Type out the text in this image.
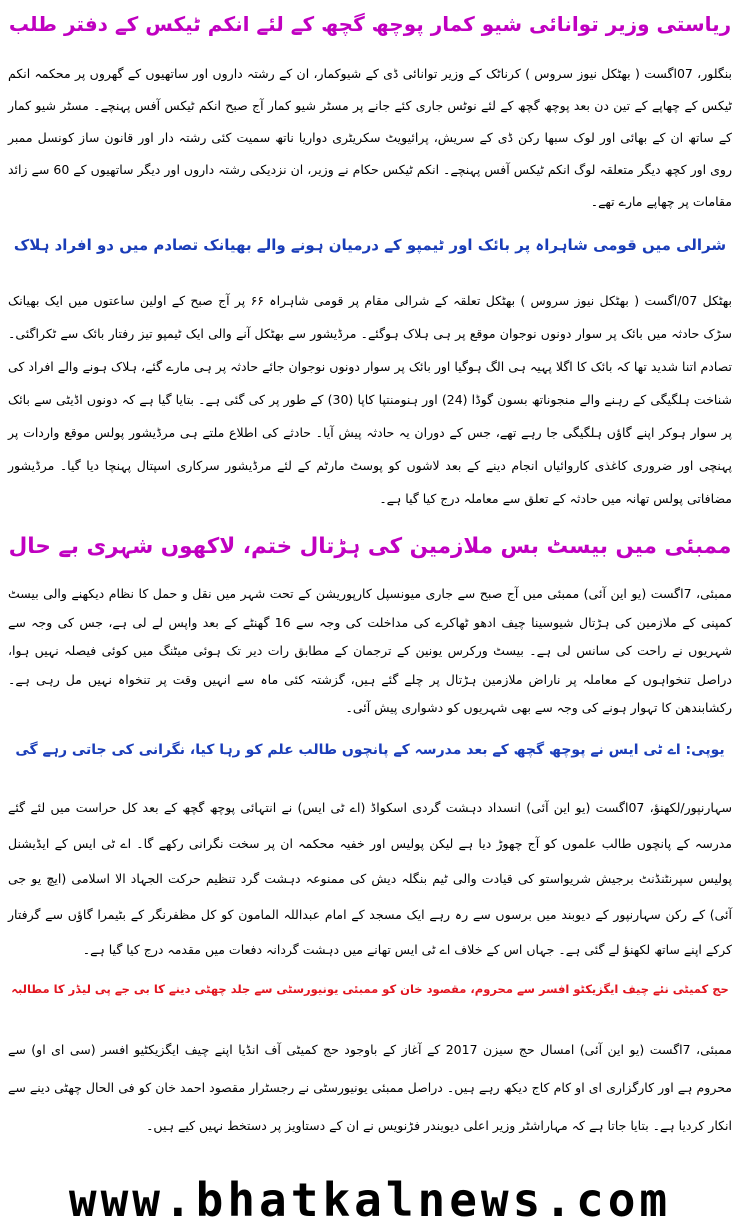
ریاستی وزیر توانائی شیو کمار پوچھ گچھ کے لئے انکم ٹیکس کے دفتر طلب

بنگلور، 07اگست ( بھٹکل نیوز سروس ) کرناٹک کے وزیر توانائی ڈی کے شیوکمار، ان کے رشتہ داروں اور ساتھیوں کے گھروں پر محکمہ انکم ٹیکس کے چھاپے کے تین دن بعد پوچھ گچھ کے لئے نوٹس جاری کئے جانے پر مسٹر شیو کمار آج صبح انکم ٹیکس آفس پہنچے۔ مسٹر شیو کمار کے ساتھ ان کے بھائی اور لوک سبھا رکن ڈی کے سریش، پرائیویٹ سکریٹری دواریا ناتھ سمیت کئی رشتہ دار اور قانون ساز کونسل ممبر روی اور کچھ دیگر متعلقہ لوگ انکم ٹیکس آفس پہنچے۔ انکم ٹیکس حکام نے وزیر، ان نزدیکی رشتہ داروں اور دیگر ساتھیوں کے 60 سے زائد مقامات پر چھاپے مارے تھے۔

شرالی میں قومی شاہراہ پر بائک اور ٹیمپو کے درمیان ہونے والے بھیانک تصادم میں دو افراد ہلاک

بھٹکل 07/اگست ( بھٹکل نیوز سروس ) بھٹکل تعلقہ کے شرالی مقام پر قومی شاہراہ ۶۶ پر آج صبح کے اولین ساعتوں میں ایک بھیانک سڑک حادثہ میں بائک پر سوار دونوں نوجوان موقع پر ہی ہلاک ہوگئے۔ مرڈیشور سے بھٹکل آنے والی ایک ٹیمپو تیز رفتار بائک سے ٹکراگئی۔ تصادم اتنا شدید تھا کہ بائک کا اگلا پہیہ ہی الگ ہوگیا اور بائک پر سوار دونوں نوجوان جائے حادثہ پر ہی مارے گئے، ہلاک ہونے والے افراد کی شناخت ہلگیگی کے رہنے والے منجوناتھ بسون گوڈا (24) اور ہنومنتپا کاپا (30) کے طور پر کی گئی ہے۔ بتایا گیا ہے کہ دونوں اڈیٹی سے بائک پر سوار ہوکر اپنے گاؤں ہلگیگی جا رہے تھے، جس کے دوران یہ حادثہ پیش آیا۔ حادثے کی اطلاع ملتے ہی مرڈیشور پولس موقع واردات پر پہنچی اور ضروری کاغذی کاروائیاں انجام دینے کے بعد لاشوں کو پوسٹ مارٹم کے لئے مرڈیشور سرکاری اسپتال پہنچا دیا گیا۔ مرڈیشور مضافاتی پولس تھانہ میں حادثہ کے تعلق سے معاملہ درج کیا گیا ہے۔

ممبئی میں بیسٹ بس ملازمین کی ہڑتال ختم، لاکھوں شہری بے حال

ممبئی، 7اگست (یو این آئی) ممبئی میں آج صبح سے جاری میونسپل کارپوریشن کے تحت شہر میں نقل و حمل کا نظام دیکھنے والی بیسٹ کمپنی کے ملازمین کی ہڑتال شیوسینا چیف ادھو ٹھاکرے کی مداخلت کی وجہ سے 16 گھنٹے کے بعد واپس لے لی ہے، جس کی وجہ سے شہریوں نے راحت کی سانس لی ہے۔ بیسٹ ورکرس یونین کے ترجمان کے مطابق رات دیر تک ہوئی میٹنگ میں کوئی فیصلہ نہیں ہوا، دراصل تنخواہوں کے معاملہ پر ناراض ملازمین ہڑتال پر چلے گئے ہیں، گزشتہ کئی ماہ سے انہیں وقت پر تنخواہ نہیں مل رہی ہے۔ رکشابندھن کا تہوار ہونے کی وجہ سے بھی شہریوں کو دشواری پیش آئی۔

یوپی: اے ٹی ایس نے پوچھ گچھ کے بعد مدرسہ کے پانچوں طالب علم کو رہا کیا، نگرانی کی جاتی رہے گی

سہارنپور/لکھنؤ، 07اگست (یو این آئی) انسداد دہشت گردی اسکواڈ (اے ٹی ایس) نے انتہائی پوچھ گچھ کے بعد کل حراست میں لئے گئے مدرسہ کے پانچوں طالب علموں کو آج چھوڑ دیا ہے لیکن پولیس اور خفیہ محکمہ ان پر سخت نگرانی رکھے گا۔ اے ٹی ایس کے ایڈیشنل پولیس سپرنٹنڈنٹ برجیش شریواستو کی قیادت والی ٹیم بنگلہ دیش کی ممنوعہ دہشت گرد تنظیم حرکت الجہاد الا اسلامی (ایچ یو جی آئی) کے رکن سہارنپور کے دیوبند میں برسوں سے رہ رہے ایک مسجد کے امام عبداللہ المامون کو کل مظفرنگر کے بٹیمرا گاؤں سے گرفتار کرکے اپنے ساتھ لکھنؤ لے گئی ہے۔ جہاں اس کے خلاف اے ٹی ایس تھانے میں دہشت گردانہ دفعات میں مقدمہ درج کیا گیا ہے۔

حج کمیٹی نئے چیف ایگزیکٹو افسر سے محروم، مقصود خان کو ممبئی یونیورسٹی سے جلد چھٹی دینے کا بی جے پی لیڈر کا مطالبہ

ممبئی، 7اگست (یو این آئی) امسال حج سیزن 2017 کے آغاز کے باوجود حج کمیٹی آف انڈیا اپنے چیف ایگزیکٹیو افسر (سی ای او) سے محروم ہے اور کارگزاری ای او کام کاج دیکھ رہے ہیں۔ دراصل ممبئی یونیورسٹی نے رجسٹرار مقصود احمد خان کو فی الحال چھٹی دینے سے انکار کردیا ہے۔ بتایا جاتا ہے کہ مہاراشٹر وزیر اعلی دیویندر فڑنویس نے ان کے دستاویز پر دستخط نہیں کیے ہیں۔

www.bhatkalnews.com
